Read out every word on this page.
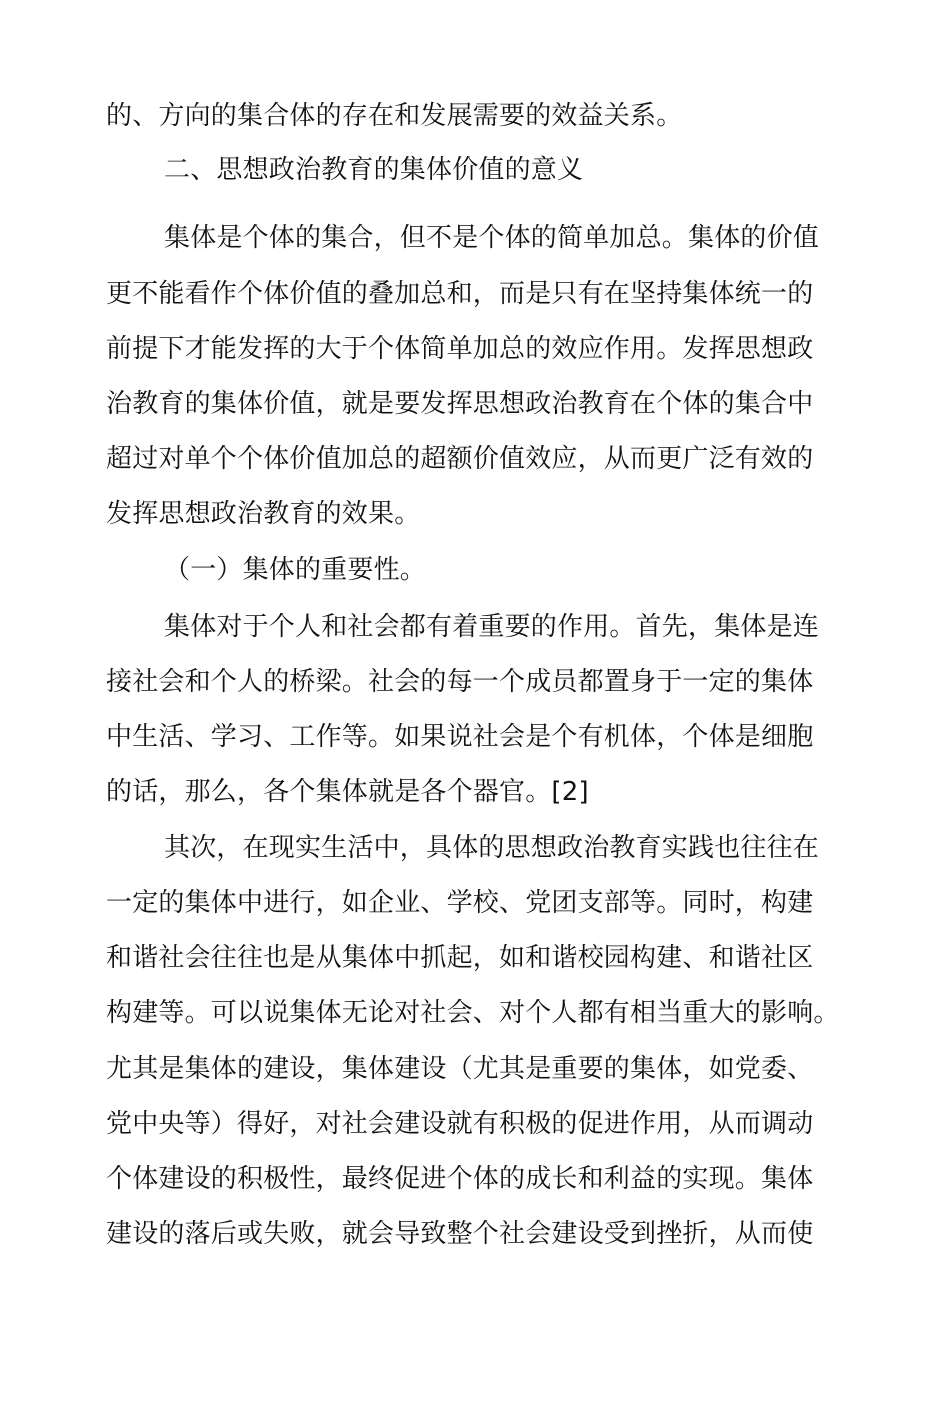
的、方向的集合体的存在和发展需要的效益关系。
二、思想政治教育的集体价值的意义
集体是个体的集合，但不是个体的简单加总。集体的价值
更不能看作个体价值的叠加总和，而是只有在坚持集体统一的
前提下才能发挥的大于个体简单加总的效应作用。发挥思想政
治教育的集体价值，就是要发挥思想政治教育在个体的集合中
超过对单个个体价值加总的超额价值效应，从而更广泛有效的
发挥思想政治教育的效果。
（一）集体的重要性。
集体对于个人和社会都有着重要的作用。首先，集体是连
接社会和个人的桥梁。社会的每一个成员都置身于一定的集体
中生活、学习、工作等。如果说社会是个有机体，个体是细胞
的话，那么，各个集体就是各个器官。[2]
其次，在现实生活中，具体的思想政治教育实践也往往在
一定的集体中进行，如企业、学校、党团支部等。同时，构建
和谐社会往往也是从集体中抓起，如和谐校园构建、和谐社区
构建等。可以说集体无论对社会、对个人都有相当重大的影响。
尤其是集体的建设，集体建设（尤其是重要的集体，如党委、
党中央等）得好，对社会建设就有积极的促进作用，从而调动
个体建设的积极性，最终促进个体的成长和利益的实现。集体
建设的落后或失败，就会导致整个社会建设受到挫折，从而使
